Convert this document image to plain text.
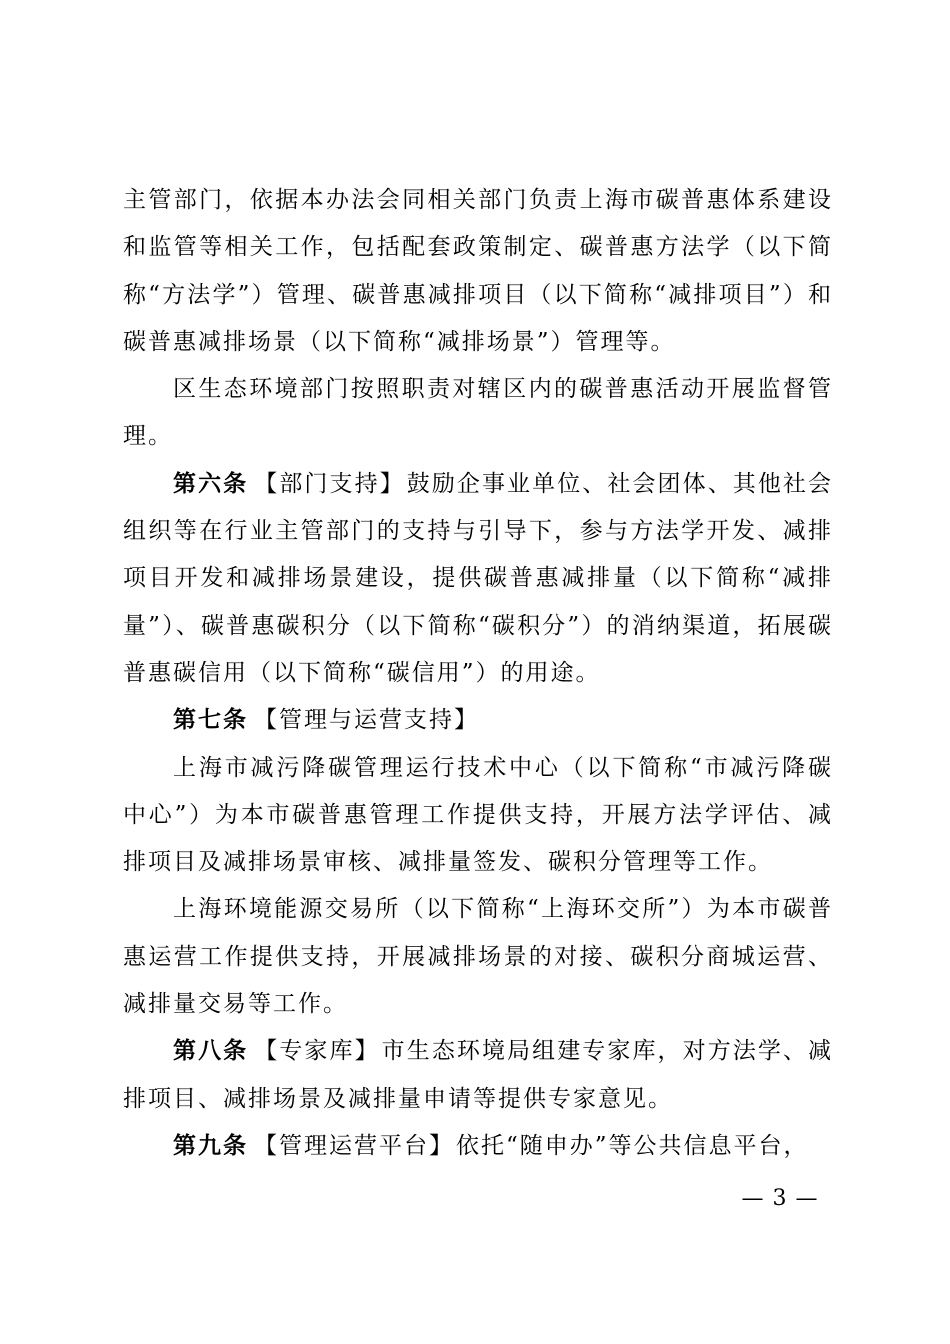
主管部门，依据本办法会同相关部门负责上海市碳普惠体系建设和监管等相关工作，包括配套政策制定、碳普惠方法学（以下简称“方法学”）管理、碳普惠减排项目（以下简称“减排项目”）和碳普惠减排场景（以下简称“减排场景”）管理等。

区生态环境部门按照职责对辖区内的碳普惠活动开展监督管理。

第六条 【部门支持】鼓励企事业单位、社会团体、其他社会组织等在行业主管部门的支持与引导下，参与方法学开发、减排项目开发和减排场景建设，提供碳普惠减排量（以下简称“减排量”）、碳普惠碳积分（以下简称“碳积分”）的消纳渠道，拓展碳普惠碳信用（以下简称“碳信用”）的用途。

第七条 【管理与运营支持】

上海市减污降碳管理运行技术中心（以下简称“市减污降碳中心”）为本市碳普惠管理工作提供支持，开展方法学评估、减排项目及减排场景审核、减排量签发、碳积分管理等工作。

上海环境能源交易所（以下简称“上海环交所”）为本市碳普惠运营工作提供支持，开展减排场景的对接、碳积分商城运营、减排量交易等工作。

第八条 【专家库】市生态环境局组建专家库，对方法学、减排项目、减排场景及减排量申请等提供专家意见。

第九条 【管理运营平台】依托“随申办”等公共信息平台，

— 3 —
